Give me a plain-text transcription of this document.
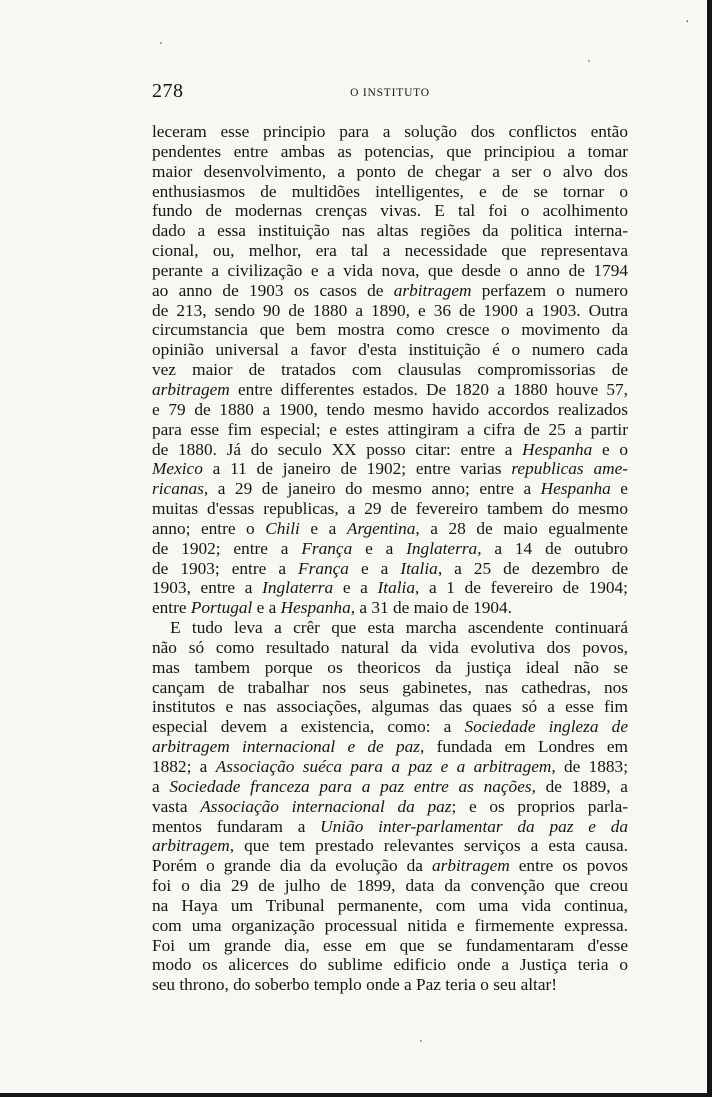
·
278	O INSTITUTO
leceram esse principio para a solução dos conflictos então
pendentes entre ambas as potencias, que principiou a tomar
maior desenvolvimento, a ponto de chegar a ser o alvo dos
enthusiasmos de multidões intelligentes, e de se tornar o
fundo de modernas crenças vivas. E tal foi o acolhimento
dado a essa instituição nas altas regiões da politica interna-
cional, ou, melhor, era tal a necessidade que representava
perante a civilização e a vida nova, que desde o anno de 1794
ao anno de 1903 os casos de arbitragem perfazem o numero
de 213, sendo 90 de 1880 a 1890, e 36 de 1900 a 1903. Outra
circumstancia que bem mostra como cresce o movimento da
opinião universal a favor d'esta instituição é o numero cada
vez maior de tratados com clausulas compromissorias de
arbitragem entre differentes estados. De 1820 a 1880 houve 57,
e 79 de 1880 a 1900, tendo mesmo havido accordos realizados
para esse fim especial; e estes attingiram a cifra de 25 a partir
de 1880. Já do seculo XX posso citar: entre a Hespanha e o
Mexico a 11 de janeiro de 1902; entre varias republicas ame-
ricanas, a 29 de janeiro do mesmo anno; entre a Hespanha e
muitas d'essas republicas, a 29 de fevereiro tambem do mesmo
anno; entre o Chili e a Argentina, a 28 de maio egualmente
de 1902; entre a França e a Inglaterra, a 14 de outubro
de 1903; entre a França e a Italia, a 25 de dezembro de
1903, entre a Inglaterra e a Italia, a 1 de fevereiro de 1904;
entre Portugal e a Hespanha, a 31 de maio de 1904.
E tudo leva a crêr que esta marcha ascendente continuará
não só como resultado natural da vida evolutiva dos povos,
mas tambem porque os theoricos da justiça ideal não se
cançam de trabalhar nos seus gabinetes, nas cathedras, nos
institutos e nas associações, algumas das quaes só a esse fim
especial devem a existencia, como: a Sociedade ingleza de
arbitragem internacional e de paz, fundada em Londres em
1882; a Associação suéca para a paz e a arbitragem, de 1883;
a Sociedade franceza para a paz entre as nações, de 1889, a
vasta Associação internacional da paz; e os proprios parla-
mentos fundaram a União inter-parlamentar da paz e da
arbitragem, que tem prestado relevantes serviços a esta causa.
Porém o grande dia da evolução da arbitragem entre os povos
foi o dia 29 de julho de 1899, data da convenção que creou
na Haya um Tribunal permanente, com uma vida continua,
com uma organização processual nitida e firmemente expressa.
Foi um grande dia, esse em que se fundamentaram d'esse
modo os alicerces do sublime edificio onde a Justiça teria o
seu throno, do soberbo templo onde a Paz teria o seu altar!
